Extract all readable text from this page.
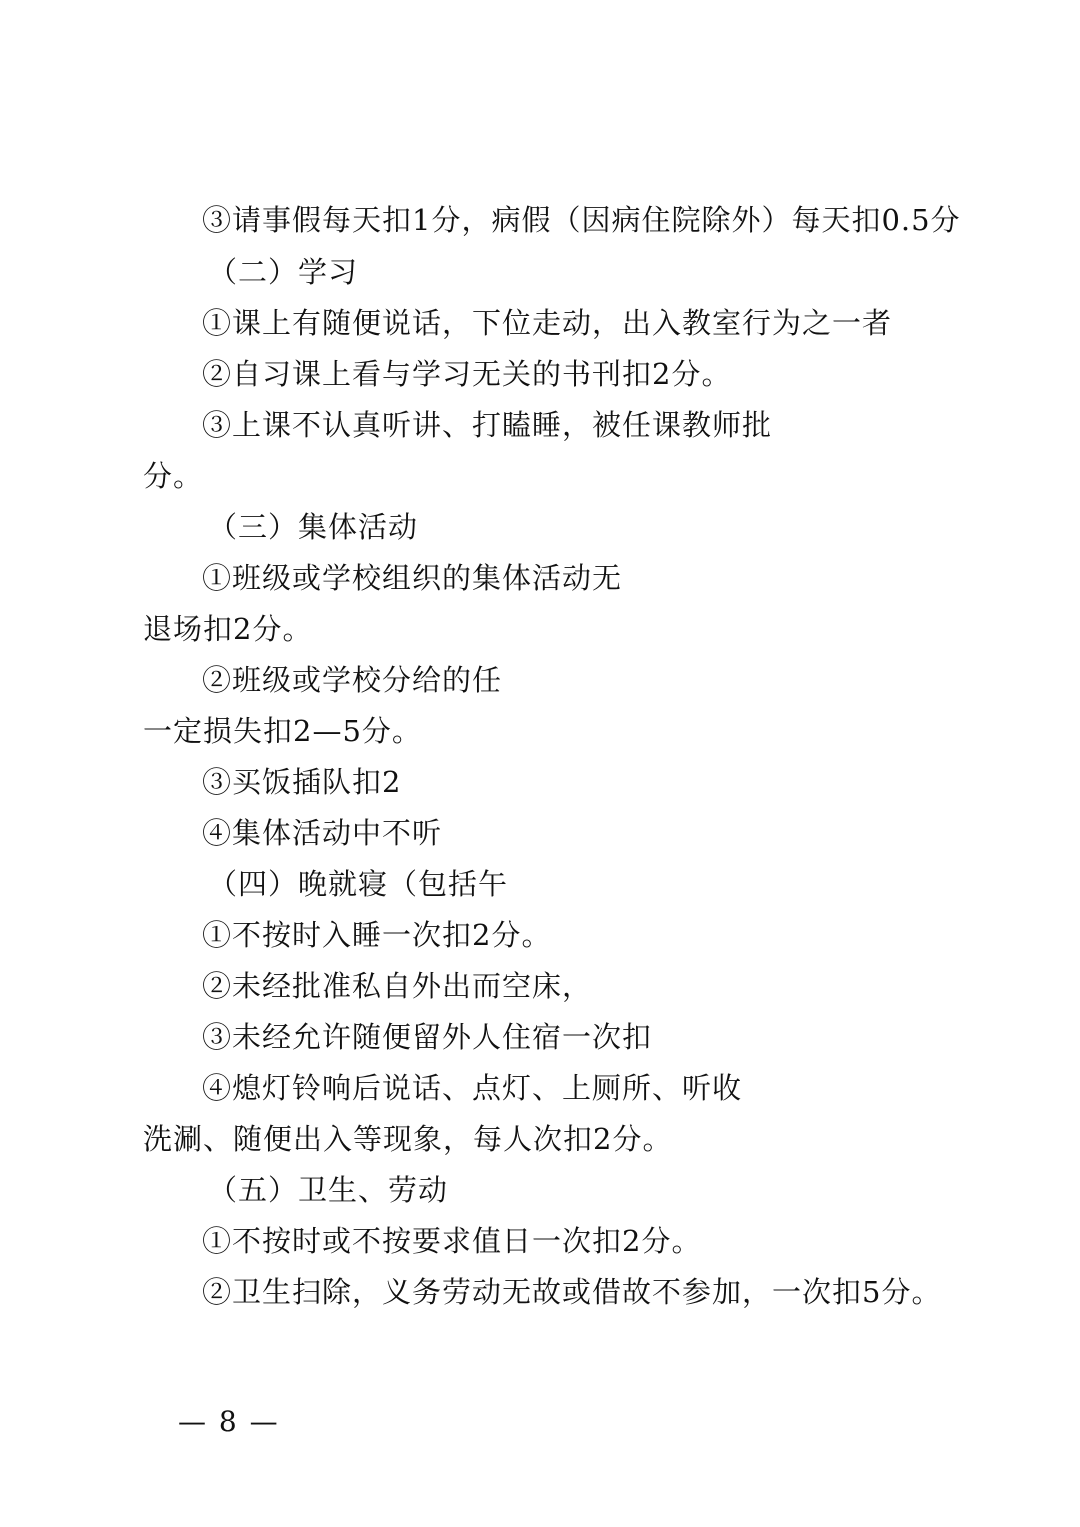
③请事假每天扣1分，病假（因病住院除外）每天扣0.5分
（二）学习
①课上有随便说话，下位走动，出入教室行为之一者
②自习课上看与学习无关的书刊扣2分。
③上课不认真听讲、打瞌睡，被任课教师批
分。
（三）集体活动
①班级或学校组织的集体活动无
退场扣2分。
②班级或学校分给的任
一定损失扣2—5分。
③买饭插队扣2
④集体活动中不听
（四）晚就寝（包括午
①不按时入睡一次扣2分。
②未经批准私自外出而空床，
③未经允许随便留外人住宿一次扣
④熄灯铃响后说话、点灯、上厕所、听收
洗涮、随便出入等现象，每人次扣2分。
（五）卫生、劳动
①不按时或不按要求值日一次扣2分。
②卫生扫除，义务劳动无故或借故不参加，一次扣5分。
— 8 —
